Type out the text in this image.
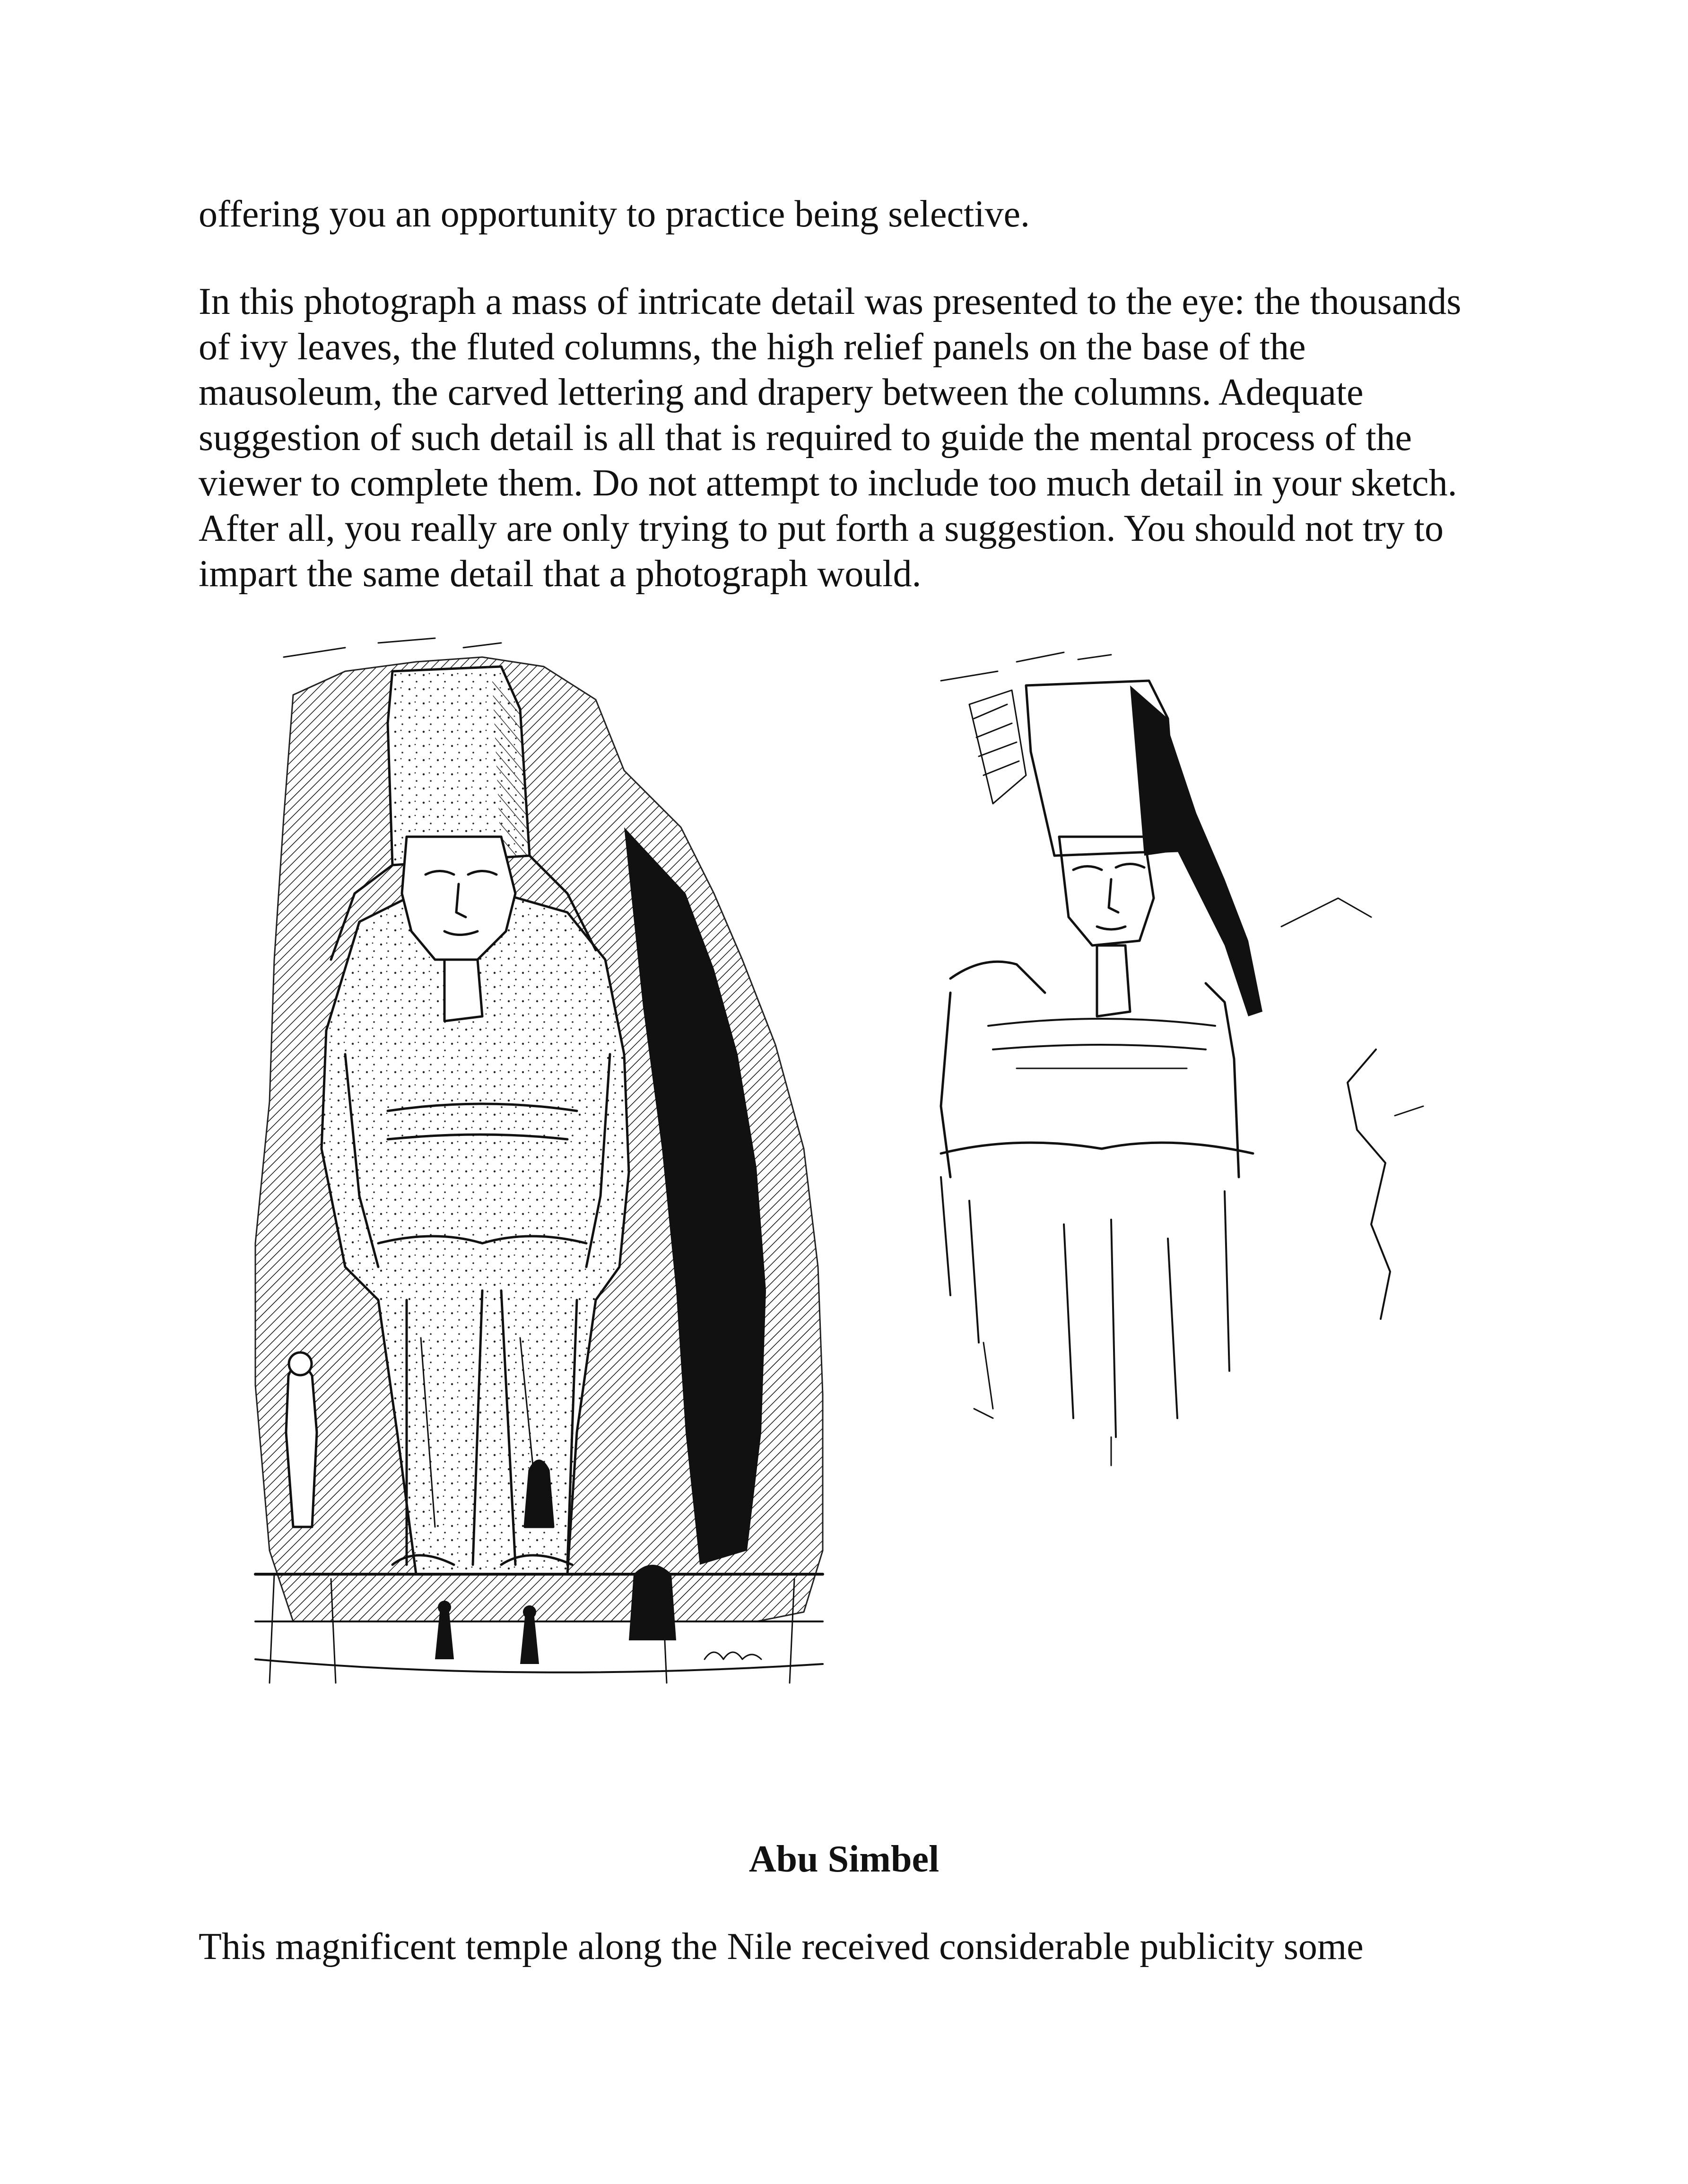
offering you an opportunity to practice being selective.

In this photograph a mass of intricate detail was presented to the eye: the thousands of ivy leaves, the fluted columns, the high relief panels on the base of the mausoleum, the carved lettering and drapery between the columns. Adequate suggestion of such detail is all that is required to guide the mental process of the viewer to complete them. Do not attempt to include too much detail in your sketch. After all, you really are only trying to put forth a suggestion. You should not try to impart the same detail that a photograph would.

Abu Simbel

This magnificent temple along the Nile received considerable publicity some
